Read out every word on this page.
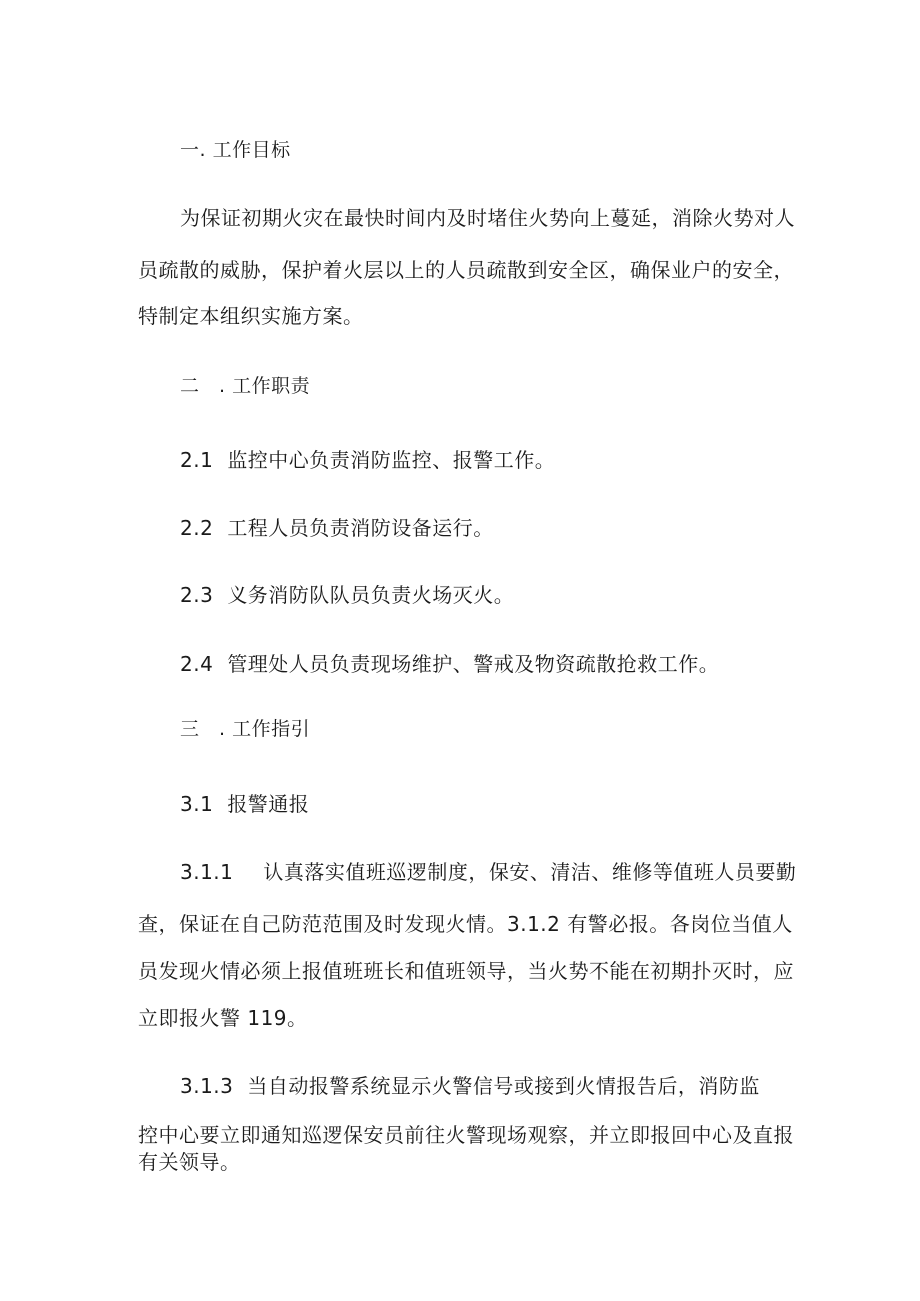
一. 工作目标
为保证初期火灾在最快时间内及时堵住火势向上蔓延，消除火势对人
员疏散的威胁，保护着火层以上的人员疏散到安全区，确保业户的安全，
特制定本组织实施方案。
二　. 工作职责
2.1 监控中心负责消防监控、报警工作。
2.2 工程人员负责消防设备运行。
2.3 义务消防队队员负责火场灭火。
2.4 管理处人员负责现场维护、警戒及物资疏散抢救工作。
三　. 工作指引
3.1 报警通报
3.1.1 认真落实值班巡逻制度，保安、清洁、维修等值班人员要勤
查，保证在自己防范范围及时发现火情。3.1.2 有警必报。各岗位当值人
员发现火情必须上报值班班长和值班领导，当火势不能在初期扑灭时，应
立即报火警 119。
3.1.3 当自动报警系统显示火警信号或接到火情报告后，消防监
控中心要立即通知巡逻保安员前往火警现场观察，并立即报回中心及直报
有关领导。
